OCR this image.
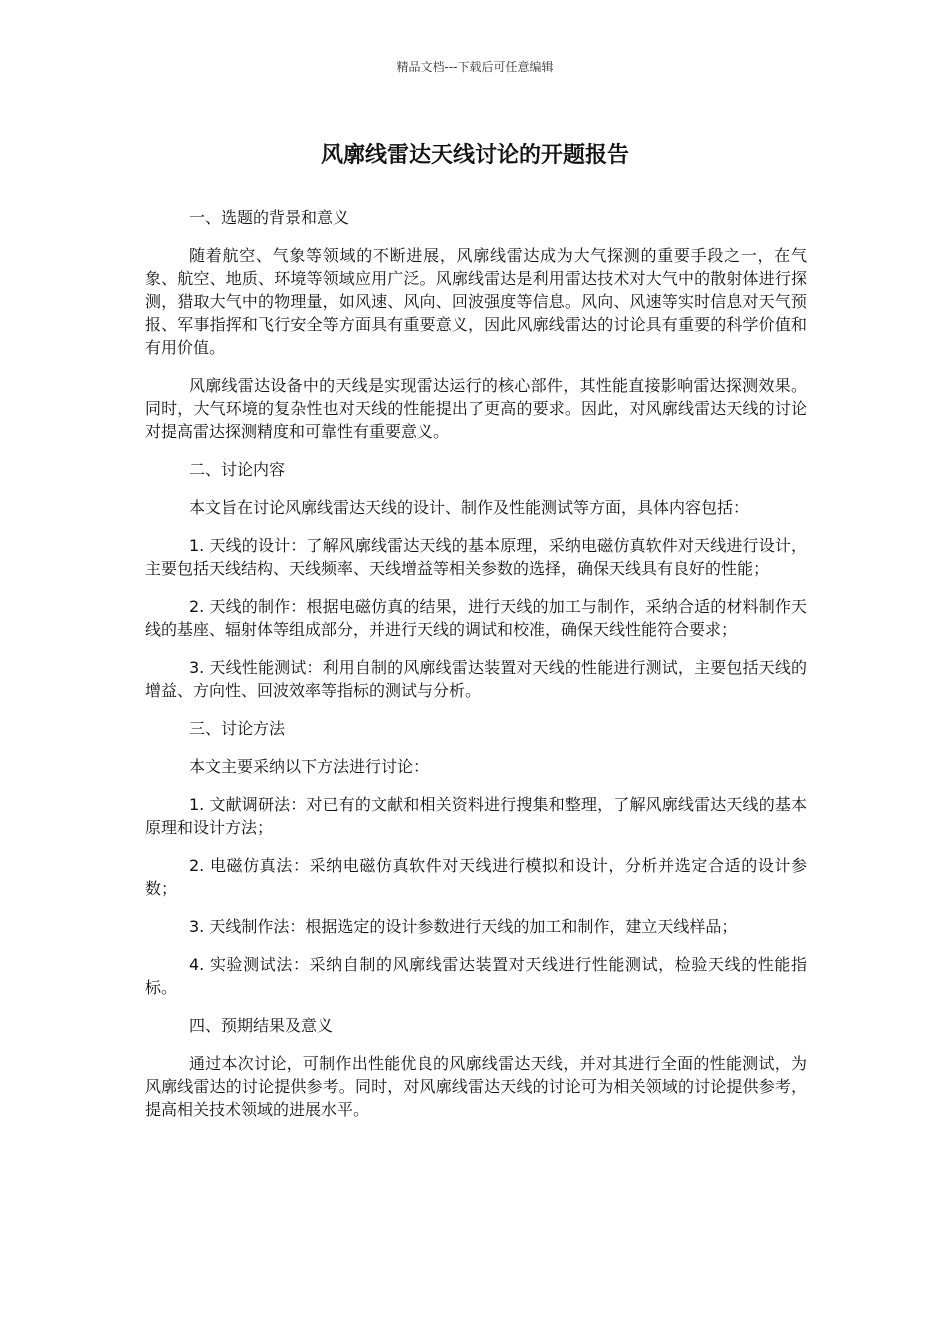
精品文档---下载后可任意编辑
风廓线雷达天线讨论的开题报告

一、选题的背景和意义

随着航空、气象等领域的不断进展，风廓线雷达成为大气探测的重要手段之一，在气象、航空、地质、环境等领域应用广泛。风廓线雷达是利用雷达技术对大气中的散射体进行探测，猎取大气中的物理量，如风速、风向、回波强度等信息。风向、风速等实时信息对天气预报、军事指挥和飞行安全等方面具有重要意义，因此风廓线雷达的讨论具有重要的科学价值和有用价值。

风廓线雷达设备中的天线是实现雷达运行的核心部件，其性能直接影响雷达探测效果。同时，大气环境的复杂性也对天线的性能提出了更高的要求。因此，对风廓线雷达天线的讨论对提高雷达探测精度和可靠性有重要意义。

二、讨论内容

本文旨在讨论风廓线雷达天线的设计、制作及性能测试等方面，具体内容包括：

1. 天线的设计：了解风廓线雷达天线的基本原理，采纳电磁仿真软件对天线进行设计，主要包括天线结构、天线频率、天线增益等相关参数的选择，确保天线具有良好的性能；

2. 天线的制作：根据电磁仿真的结果，进行天线的加工与制作，采纳合适的材料制作天线的基座、辐射体等组成部分，并进行天线的调试和校准，确保天线性能符合要求；

3. 天线性能测试：利用自制的风廓线雷达装置对天线的性能进行测试，主要包括天线的增益、方向性、回波效率等指标的测试与分析。

三、讨论方法

本文主要采纳以下方法进行讨论：

1. 文献调研法：对已有的文献和相关资料进行搜集和整理，了解风廓线雷达天线的基本原理和设计方法；

2. 电磁仿真法：采纳电磁仿真软件对天线进行模拟和设计，分析并选定合适的设计参数；

3. 天线制作法：根据选定的设计参数进行天线的加工和制作，建立天线样品；

4. 实验测试法：采纳自制的风廓线雷达装置对天线进行性能测试，检验天线的性能指标。

四、预期结果及意义

通过本次讨论，可制作出性能优良的风廓线雷达天线，并对其进行全面的性能测试，为风廓线雷达的讨论提供参考。同时，对风廓线雷达天线的讨论可为相关领域的讨论提供参考，提高相关技术领域的进展水平。
